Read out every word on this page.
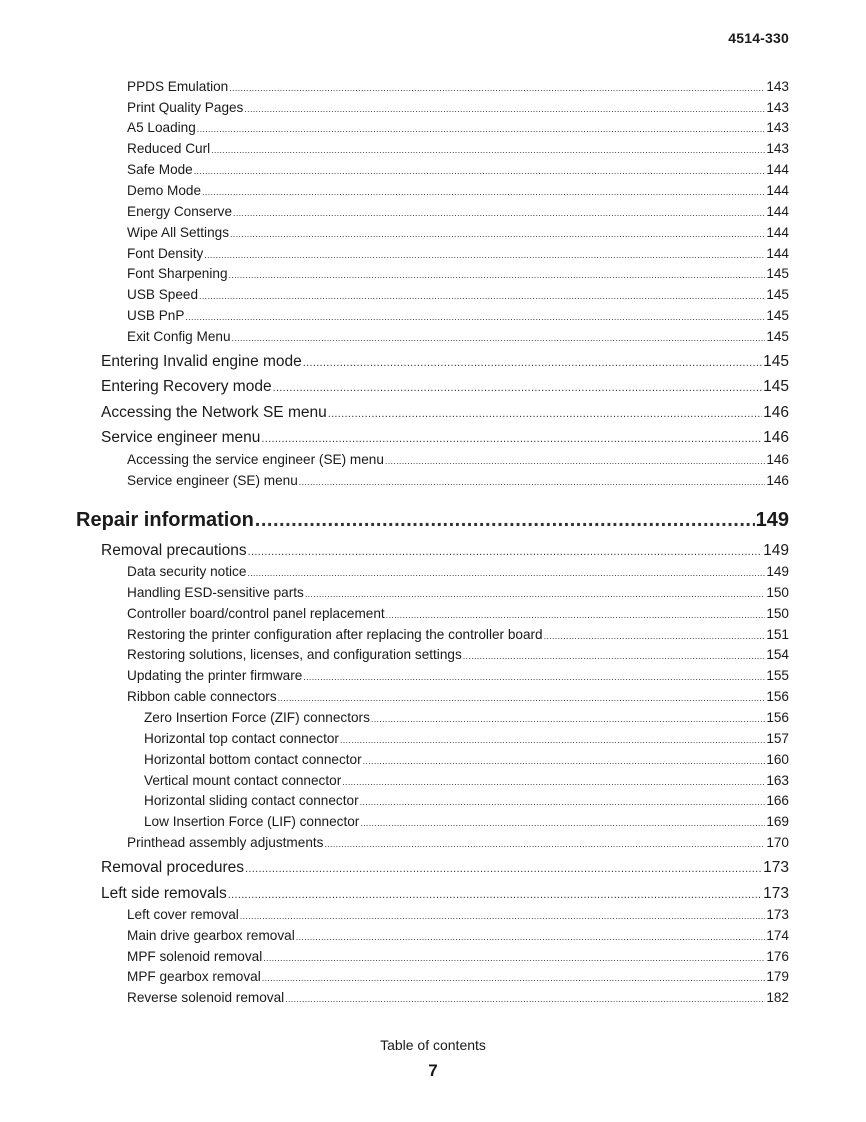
4514-330
PPDS Emulation .....	143
Print Quality Pages .....	143
A5 Loading .....	143
Reduced Curl .....	143
Safe Mode .....	144
Demo Mode .....	144
Energy Conserve .....	144
Wipe All Settings .....	144
Font Density .....	144
Font Sharpening .....	145
USB Speed .....	145
USB PnP .....	145
Exit Config Menu .....	145
Entering Invalid engine mode .....	145
Entering Recovery mode .....	145
Accessing the Network SE menu .....	146
Service engineer menu .....	146
Accessing the service engineer (SE) menu .....	146
Service engineer (SE) menu .....	146
Repair information .....	149
Removal precautions .....	149
Data security notice .....	149
Handling ESD-sensitive parts .....	150
Controller board/control panel replacement .....	150
Restoring the printer configuration after replacing the controller board .....	151
Restoring solutions, licenses, and configuration settings .....	154
Updating the printer firmware .....	155
Ribbon cable connectors .....	156
Zero Insertion Force (ZIF) connectors .....	156
Horizontal top contact connector .....	157
Horizontal bottom contact connector .....	160
Vertical mount contact connector .....	163
Horizontal sliding contact connector .....	166
Low Insertion Force (LIF) connector .....	169
Printhead assembly adjustments .....	170
Removal procedures .....	173
Left side removals .....	173
Left cover removal .....	173
Main drive gearbox removal .....	174
MPF solenoid removal .....	176
MPF gearbox removal .....	179
Reverse solenoid removal .....	182
Table of contents
7
